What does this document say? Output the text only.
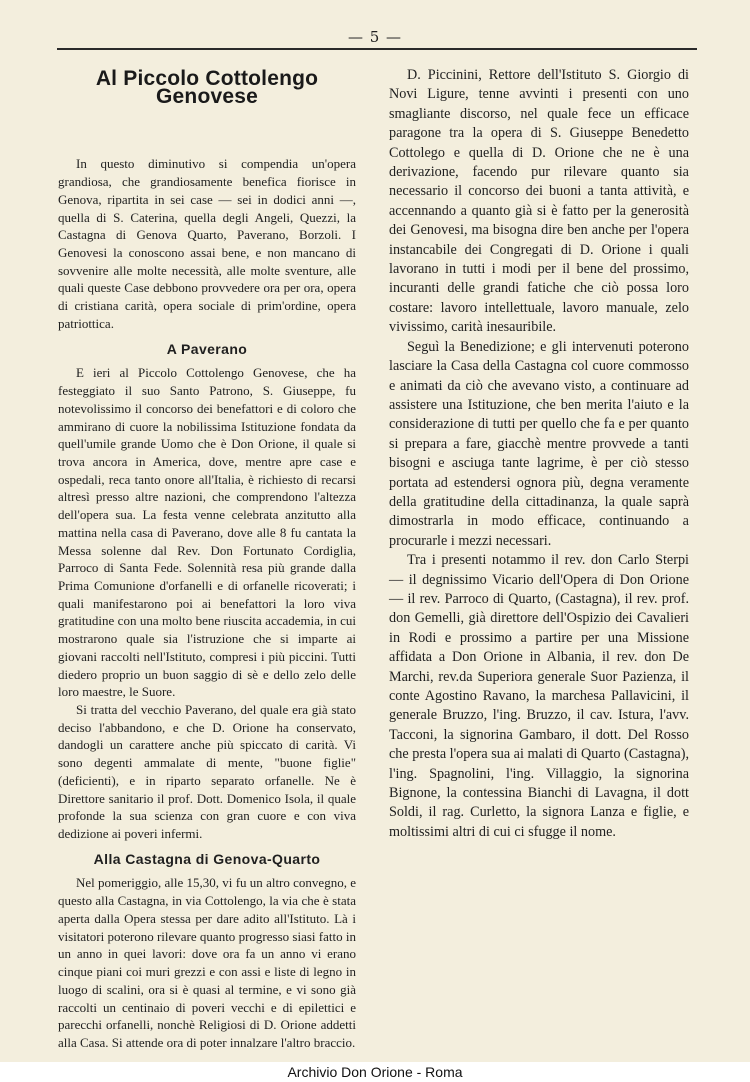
— 5 —
Al Piccolo Cottolengo Genovese

In questo diminutivo si compendia un'opera grandiosa, che grandiosamente benefica fiorisce in Genova, ripartita in sei case — sei in dodici anni —, quella di S. Caterina, quella degli Angeli, Quezzi, la Castagna di Genova Quarto, Paverano, Borzoli. I Genovesi la conoscono assai bene, e non mancano di sovvenire alle molte necessità, alle molte sventure, alle quali queste Case debbono provvedere ora per ora, opera di cristiana carità, opera sociale di prim'ordine, opera patriottica.

A Paverano

E ieri al Piccolo Cottolengo Genovese, che ha festeggiato il suo Santo Patrono, S. Giuseppe, fu notevolissimo il concorso dei benefattori e di coloro che ammirano di cuore la nobilissima Istituzione fondata da quell'umile grande Uomo che è Don Orione, il quale si trova ancora in America, dove, mentre apre case e ospedali, reca tanto onore all'Italia, è richiesto di recarsi altresì presso altre nazioni, che comprendono l'altezza dell'opera sua. La festa venne celebrata anzitutto alla mattina nella casa di Paverano, dove alle 8 fu cantata la Messa solenne dal Rev. Don Fortunato Cordiglia, Parroco di Santa Fede. Solennità resa più grande dalla Prima Comunione d'orfanelli e di orfanelle ricoverati; i quali manifestarono poi ai benefattori la loro viva gratitudine con una molto bene riuscita accademia, in cui mostrarono quale sia l'istruzione che si imparte ai giovani raccolti nell'Istituto, compresi i più piccini. Tutti diedero proprio un buon saggio di sè e dello zelo delle loro maestre, le Suore.

Si tratta del vecchio Paverano, del quale era già stato deciso l'abbandono, e che D. Orione ha conservato, dandogli un carattere anche più spiccato di carità. Vi sono degenti ammalate di mente, "buone figlie" (deficienti), e in riparto separato orfanelle. Ne è Direttore sanitario il prof. Dott. Domenico Isola, il quale profonde la sua scienza con gran cuore e con viva dedizione ai poveri infermi.

Alla Castagna di Genova-Quarto

Nel pomeriggio, alle 15,30, vi fu un altro convegno, e questo alla Castagna, in via Cottolengo, la via che è stata aperta dalla Opera stessa per dare adito all'Istituto. Là i visitatori poterono rilevare quanto progresso siasi fatto in un anno in quei lavori: dove ora fa un anno vi erano cinque piani coi muri grezzi e con assi e liste di legno in luogo di scalini, ora si è quasi al termine, e vi sono già raccolti un centinaio di poveri vecchi e di epilettici e parecchi orfanelli, nonchè Religiosi di D. Orione addetti alla Casa. Si attende ora di poter innalzare l'altro braccio.

D. Piccinini, Rettore dell'Istituto S. Giorgio di Novi Ligure, tenne avvinti i presenti con uno smagliante discorso, nel quale fece un efficace paragone tra la opera di S. Giuseppe Benedetto Cottolego e quella di D. Orione che ne è una derivazione, facendo pur rilevare quanto sia necessario il concorso dei buoni a tanta attività, e accennando a quanto già si è fatto per la generosità dei Genovesi, ma bisogna dire ben anche per l'opera instancabile dei Congregati di D. Orione i quali lavorano in tutti i modi per il bene del prossimo, incuranti delle grandi fatiche che ciò possa loro costare: lavoro intellettuale, lavoro manuale, zelo vivissimo, carità inesauribile.

Seguì la Benedizione; e gli intervenuti poterono lasciare la Casa della Castagna col cuore commosso e animati da ciò che avevano visto, a continuare ad assistere una Istituzione, che ben merita l'aiuto e la considerazione di tutti per quello che fa e per quanto si prepara a fare, giacchè mentre provvede a tanti bisogni e asciuga tante lagrime, è per ciò stesso portata ad estendersi ognora più, degna veramente della gratitudine della cittadinanza, la quale saprà dimostrarla in modo efficace, continuando a procurarle i mezzi necessari.

Tra i presenti notammo il rev. don Carlo Sterpi — il degnissimo Vicario dell'Opera di Don Orione — il rev. Parroco di Quarto, (Castagna), il rev. prof. don Gemelli, già direttore dell'Ospizio dei Cavalieri in Rodi e prossimo a partire per una Missione affidata a Don Orione in Albania, il rev. don De Marchi, rev.da Superiora generale Suor Pazienza, il conte Agostino Ravano, la marchesa Pallavicini, il generale Bruzzo, l'ing. Bruzzo, il cav. Istura, l'avv. Tacconi, la signorina Gambaro, il dott. Del Rosso che presta l'opera sua ai malati di Quarto (Castagna), l'ing. Spagnolini, l'ing. Villaggio, la signorina Bignone, la contessina Bianchi di Lavagna, il dott Soldi, il rag. Curletto, la signora Lanza e figlie, e moltissimi altri di cui ci sfugge il nome.

Archivio Don Orione - Roma
